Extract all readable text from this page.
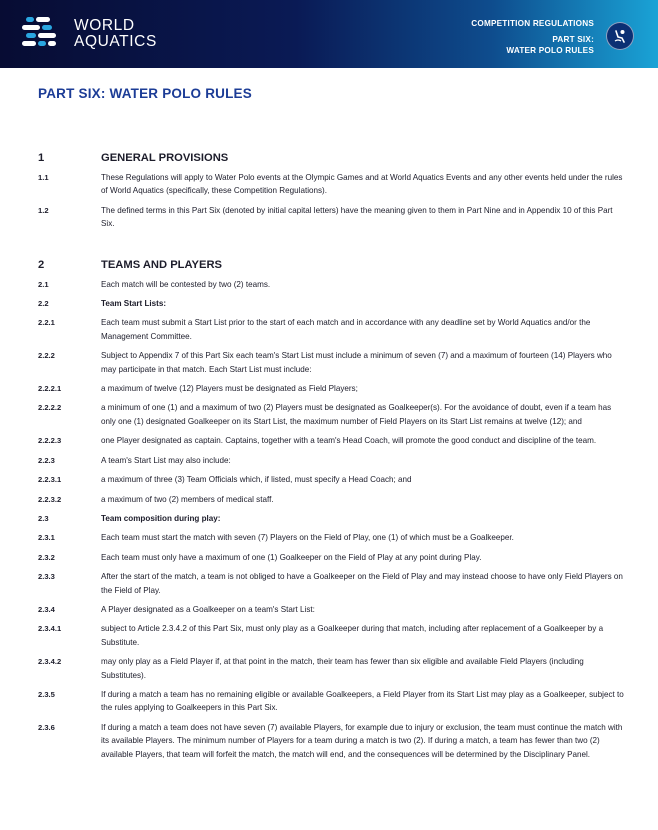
WORLD
AQUATICS
COMPETITION REGULATIONS
PART SIX:
WATER POLO RULES
PART SIX: WATER POLO RULES
1	GENERAL PROVISIONS
1.1	These Regulations will apply to Water Polo events at the Olympic Games and at World Aquatics Events and any other events held under the rules of World Aquatics (specifically, these Competition Regulations).
1.2	The defined terms in this Part Six (denoted by initial capital letters) have the meaning given to them in Part Nine and in Appendix 10 of this Part Six.
2	TEAMS AND PLAYERS
2.1	Each match will be contested by two (2) teams.
2.2	Team Start Lists:
2.2.1	Each team must submit a Start List prior to the start of each match and in accordance with any deadline set by World Aquatics and/or the Management Committee.
2.2.2	Subject to Appendix 7 of this Part Six each team's Start List must include a minimum of seven (7) and a maximum of fourteen (14) Players who may participate in that match. Each Start List must include:
2.2.2.1	a maximum of twelve (12) Players must be designated as Field Players;
2.2.2.2	a minimum of one (1) and a maximum of two (2) Players must be designated as Goalkeeper(s). For the avoidance of doubt, even if a team has only one (1) designated Goalkeeper on its Start List, the maximum number of Field Players on its Start List remains at twelve (12); and
2.2.2.3	one Player designated as captain. Captains, together with a team's Head Coach, will promote the good conduct and discipline of the team.
2.2.3	A team's Start List may also include:
2.2.3.1	a maximum of three (3) Team Officials which, if listed, must specify a Head Coach; and
2.2.3.2	a maximum of two (2) members of medical staff.
2.3	Team composition during play:
2.3.1	Each team must start the match with seven (7) Players on the Field of Play, one (1) of which must be a Goalkeeper.
2.3.2	Each team must only have a maximum of one (1) Goalkeeper on the Field of Play at any point during Play.
2.3.3	After the start of the match, a team is not obliged to have a Goalkeeper on the Field of Play and may instead choose to have only Field Players on the Field of Play.
2.3.4	A Player designated as a Goalkeeper on a team's Start List:
2.3.4.1	subject to Article 2.3.4.2 of this Part Six, must only play as a Goalkeeper during that match, including after replacement of a Goalkeeper by a Substitute.
2.3.4.2	may only play as a Field Player if, at that point in the match, their team has fewer than six eligible and available Field Players (including Substitutes).
2.3.5	If during a match a team has no remaining eligible or available Goalkeepers, a Field Player from its Start List may play as a Goalkeeper, subject to the rules applying to Goalkeepers in this Part Six.
2.3.6	If during a match a team does not have seven (7) available Players, for example due to injury or exclusion, the team must continue the match with its available Players. The minimum number of Players for a team during a match is two (2). If during a match, a team has fewer than two (2) available Players, that team will forfeit the match, the match will end, and the consequences will be determined by the Disciplinary Panel.
